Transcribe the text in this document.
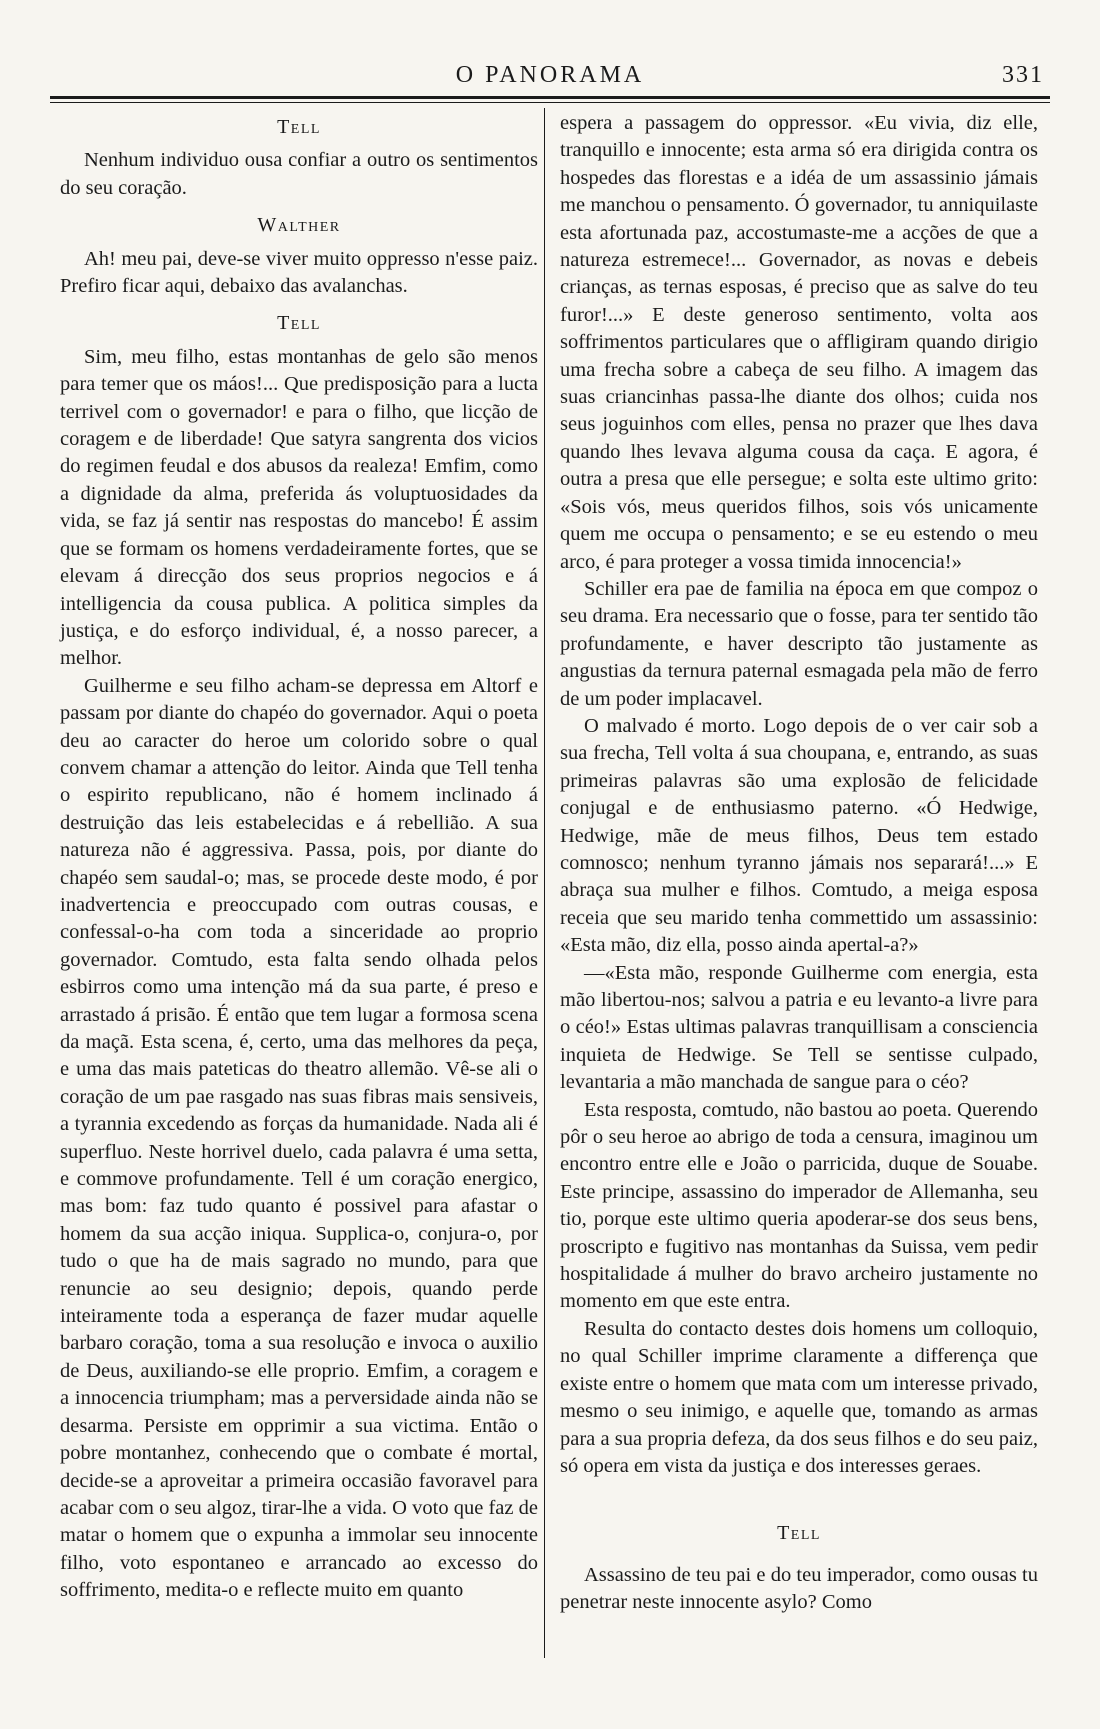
O PANORAMA	331
Tell

Nenhum individuo ousa confiar a outro os sentimentos do seu coração.

Walther

Ah! meu pai, deve-se viver muito oppresso n'esse paiz. Prefiro ficar aqui, debaixo das avalanchas.

Tell

Sim, meu filho, estas montanhas de gelo são menos para temer que os máos!... Que predisposição para a lucta terrivel com o governador! e para o filho, que licção de coragem e de liberdade! Que satyra sangrenta dos vicios do regimen feudal e dos abusos da realeza! Emfim, como a dignidade da alma, preferida ás voluptuosidades da vida, se faz já sentir nas respostas do mancebo! É assim que se formam os homens verdadeiramente fortes, que se elevam á direcção dos seus proprios negocios e á intelligencia da cousa publica. A politica simples da justiça, e do esforço individual, é, a nosso parecer, a melhor.

Guilherme e seu filho acham-se depressa em Altorf e passam por diante do chapéo do governador. Aqui o poeta deu ao caracter do heroe um colorido sobre o qual convem chamar a attenção do leitor. Ainda que Tell tenha o espirito republicano, não é homem inclinado á destruição das leis estabelecidas e á rebellião. A sua natureza não é aggressiva. Passa, pois, por diante do chapéo sem saudal-o; mas, se procede deste modo, é por inadvertencia e preoccupado com outras cousas, e confessal-o-ha com toda a sinceridade ao proprio governador. Comtudo, esta falta sendo olhada pelos esbirros como uma intenção má da sua parte, é preso e arrastado á prisão. É então que tem lugar a formosa scena da maçã. Esta scena, é, certo, uma das melhores da peça, e uma das mais pateticas do theatro allemão. Vê-se ali o coração de um pae rasgado nas suas fibras mais sensiveis, a tyrannia excedendo as forças da humanidade. Nada ali é superfluo. Neste horrivel duelo, cada palavra é uma setta, e commove profundamente. Tell é um coração energico, mas bom: faz tudo quanto é possivel para afastar o homem da sua acção iniqua. Supplica-o, conjura-o, por tudo o que ha de mais sagrado no mundo, para que renuncie ao seu designio; depois, quando perde inteiramente toda a esperança de fazer mudar aquelle barbaro coração, toma a sua resolução e invoca o auxilio de Deus, auxiliando-se elle proprio. Emfim, a coragem e a innocencia triumpham; mas a perversidade ainda não se desarma. Persiste em opprimir a sua victima. Então o pobre montanhez, conhecendo que o combate é mortal, decide-se a aproveitar a primeira occasião favoravel para acabar com o seu algoz, tirar-lhe a vida. O voto que faz de matar o homem que o expunha a immolar seu innocente filho, voto espontaneo e arrancado ao excesso do soffrimento, medita-o e reflecte muito em quanto

espera a passagem do oppressor. «Eu vivia, diz elle, tranquillo e innocente; esta arma só era dirigida contra os hospedes das florestas e a idéa de um assassinio jámais me manchou o pensamento. Ó governador, tu anniquilaste esta afortunada paz, accostumaste-me a acções de que a natureza estremece!... Governador, as novas e debeis crianças, as ternas esposas, é preciso que as salve do teu furor!...» E deste generoso sentimento, volta aos soffrimentos particulares que o affligiram quando dirigio uma frecha sobre a cabeça de seu filho. A imagem das suas criancinhas passa-lhe diante dos olhos; cuida nos seus joguinhos com elles, pensa no prazer que lhes dava quando lhes levava alguma cousa da caça. E agora, é outra a presa que elle persegue; e solta este ultimo grito: «Sois vós, meus queridos filhos, sois vós unicamente quem me occupa o pensamento; e se eu estendo o meu arco, é para proteger a vossa timida innocencia!»

Schiller era pae de familia na época em que compoz o seu drama. Era necessario que o fosse, para ter sentido tão profundamente, e haver descripto tão justamente as angustias da ternura paternal esmagada pela mão de ferro de um poder implacavel.

O malvado é morto. Logo depois de o ver cair sob a sua frecha, Tell volta á sua choupana, e, entrando, as suas primeiras palavras são uma explosão de felicidade conjugal e de enthusiasmo paterno. «Ó Hedwige, Hedwige, mãe de meus filhos, Deus tem estado comnosco; nenhum tyranno jámais nos separará!...» E abraça sua mulher e filhos. Comtudo, a meiga esposa receia que seu marido tenha commettido um assassinio: «Esta mão, diz ella, posso ainda apertal-a?»

—«Esta mão, responde Guilherme com energia, esta mão libertou-nos; salvou a patria e eu levanto-a livre para o céo!» Estas ultimas palavras tranquillisam a consciencia inquieta de Hedwige. Se Tell se sentisse culpado, levantaria a mão manchada de sangue para o céo?

Esta resposta, comtudo, não bastou ao poeta. Querendo pôr o seu heroe ao abrigo de toda a censura, imaginou um encontro entre elle e João o parricida, duque de Souabe. Este principe, assassino do imperador de Allemanha, seu tio, porque este ultimo queria apoderar-se dos seus bens, proscripto e fugitivo nas montanhas da Suissa, vem pedir hospitalidade á mulher do bravo archeiro justamente no momento em que este entra.

Resulta do contacto destes dois homens um colloquio, no qual Schiller imprime claramente a differença que existe entre o homem que mata com um interesse privado, mesmo o seu inimigo, e aquelle que, tomando as armas para a sua propria defeza, da dos seus filhos e do seu paiz, só opera em vista da justiça e dos interesses geraes.

Tell

Assassino de teu pai e do teu imperador, como ousas tu penetrar neste innocente asylo? Como
